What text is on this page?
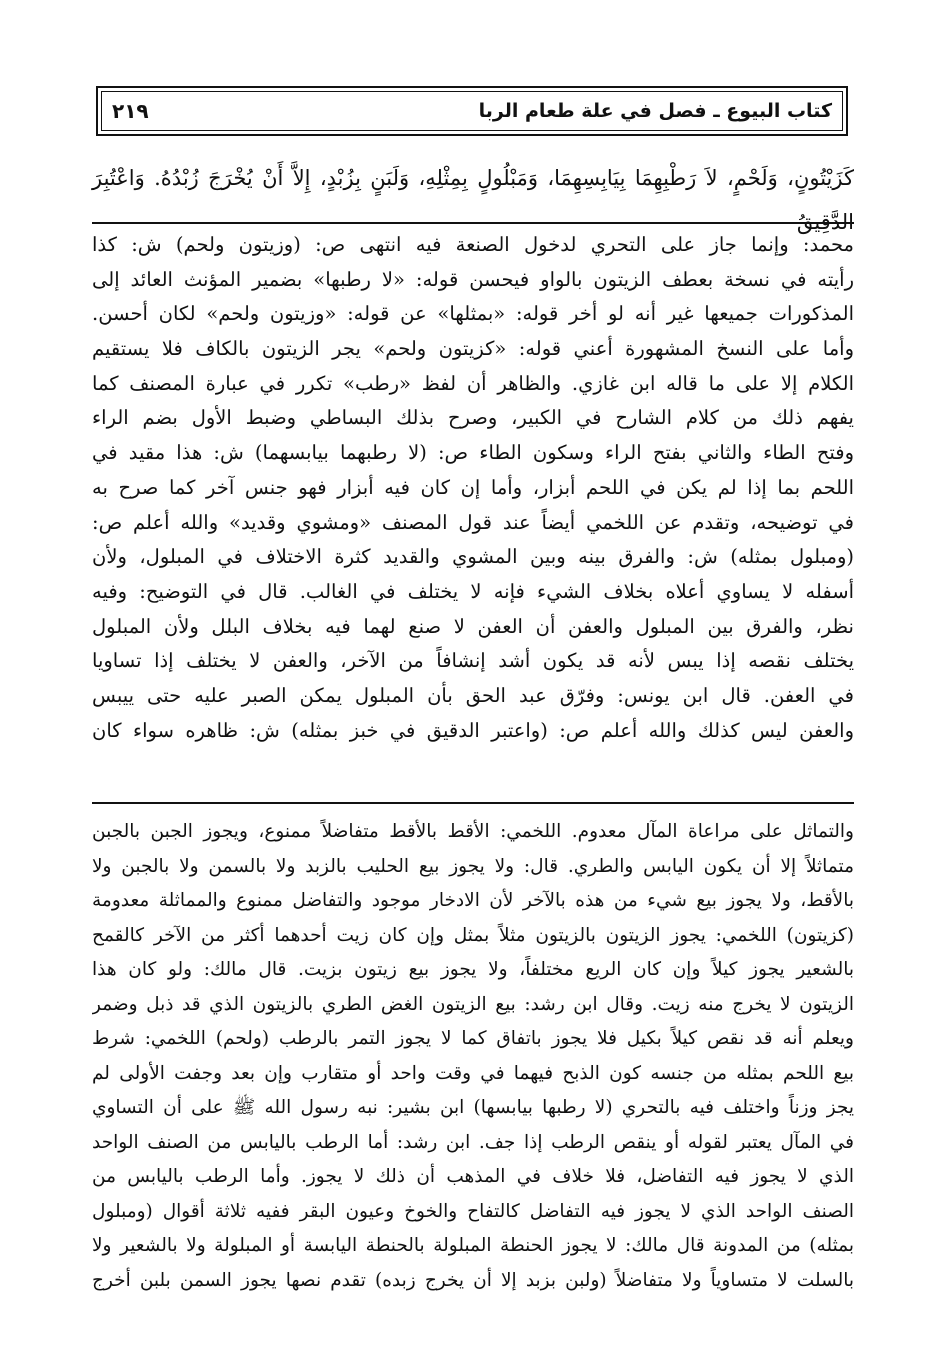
كتاب البيوع ـ فصل في علة طعام الربا
٢١٩
كَزَيْتُونٍ، وَلَحْمٍ، لاَ رَطْبِهِمَا بِيَابِسِهِمَا، وَمَبْلُولٍ بِمِثْلِهِ، وَلَبَنٍ بِزُبْدٍ، إِلاَّ أَنْ يُخْرَجَ زُبْدُهُ. وَاعْتُبِرَ الدَّقِيقُ
محمد: وإنما جاز على التحري لدخول الصنعة فيه انتهى ص: (وزيتون ولحم) ش: كذا
رأيته في نسخة بعطف الزيتون بالواو فيحسن قوله: «لا رطبها» بضمير المؤنث العائد إلى
المذكورات جميعها غير أنه لو أخر قوله: «بمثلها» عن قوله: «وزيتون ولحم» لكان أحسن.
وأما على النسخ المشهورة أعني قوله: «كزيتون ولحم» يجر الزيتون بالكاف فلا يستقيم
الكلام إلا على ما قاله ابن غازي. والظاهر أن لفظ «رطب» تكرر في عبارة المصنف كما
يفهم ذلك من كلام الشارح في الكبير، وصرح بذلك البساطي وضبط الأول بضم الراء
وفتح الطاء والثاني بفتح الراء وسكون الطاء ص: (لا رطبهما بيابسهما) ش: هذا مقيد في
اللحم بما إذا لم يكن في اللحم أبزار، وأما إن كان فيه أبزار فهو جنس آخر كما صرح به
في توضيحه، وتقدم عن اللخمي أيضاً عند قول المصنف «ومشوي وقديد» والله أعلم ص:
(ومبلول بمثله) ش: والفرق بينه وبين المشوي والقديد كثرة الاختلاف في المبلول، ولأن
أسفله لا يساوي أعلاه بخلاف الشيء فإنه لا يختلف في الغالب. قال في التوضيح: وفيه
نظر، والفرق بين المبلول والعفن أن العفن لا صنع لهما فيه بخلاف البلل ولأن المبلول
يختلف نقصه إذا يبس لأنه قد يكون أشد إنشافاً من الآخر، والعفن لا يختلف إذا تساويا
في العفن. قال ابن يونس: وفرّق عبد الحق بأن المبلول يمكن الصبر عليه حتى ييبس
والعفن ليس كذلك والله أعلم ص: (واعتبر الدقيق في خبز بمثله) ش: ظاهره سواء كان
والتماثل على مراعاة المآل معدوم. اللخمي: الأقط بالأقط متفاضلاً ممنوع، ويجوز الجبن بالجبن
متماثلاً إلا أن يكون اليابس والطري. قال: ولا يجوز بيع الحليب بالزبد ولا بالسمن ولا بالجبن ولا
بالأقط، ولا يجوز بيع شيء من هذه بالآخر لأن الادخار موجود والتفاضل ممنوع والمماثلة معدومة
(كزيتون) اللخمي: يجوز الزيتون بالزيتون مثلاً بمثل وإن كان زيت أحدهما أكثر من الآخر كالقمح
بالشعير يجوز كيلاً وإن كان الريع مختلفاً، ولا يجوز بيع زيتون بزيت. قال مالك: ولو كان هذا
الزيتون لا يخرج منه زيت. وقال ابن رشد: بيع الزيتون الغض الطري بالزيتون الذي قد ذبل وضمر
ويعلم أنه قد نقص كيلاً بكيل فلا يجوز باتفاق كما لا يجوز التمر بالرطب (ولحم) اللخمي: شرط
بيع اللحم بمثله من جنسه كون الذبح فيهما في وقت واحد أو متقارب وإن بعد وجفت الأولى لم
يجز وزناً واختلف فيه بالتحري (لا رطبها بيابسها) ابن بشير: نبه رسول الله ﷺ على أن التساوي
في المآل يعتبر لقوله أو ينقص الرطب إذا جف. ابن رشد: أما الرطب باليابس من الصنف الواحد
الذي لا يجوز فيه التفاضل، فلا خلاف في المذهب أن ذلك لا يجوز. وأما الرطب باليابس من
الصنف الواحد الذي لا يجوز فيه التفاضل كالتفاح والخوخ وعيون البقر ففيه ثلاثة أقوال (ومبلول
بمثله) من المدونة قال مالك: لا يجوز الحنطة المبلولة بالحنطة اليابسة أو المبلولة ولا بالشعير ولا
بالسلت لا متساوياً ولا متفاضلاً (ولبن بزبد إلا أن يخرج زبده) تقدم نصها يجوز السمن بلبن أخرج
